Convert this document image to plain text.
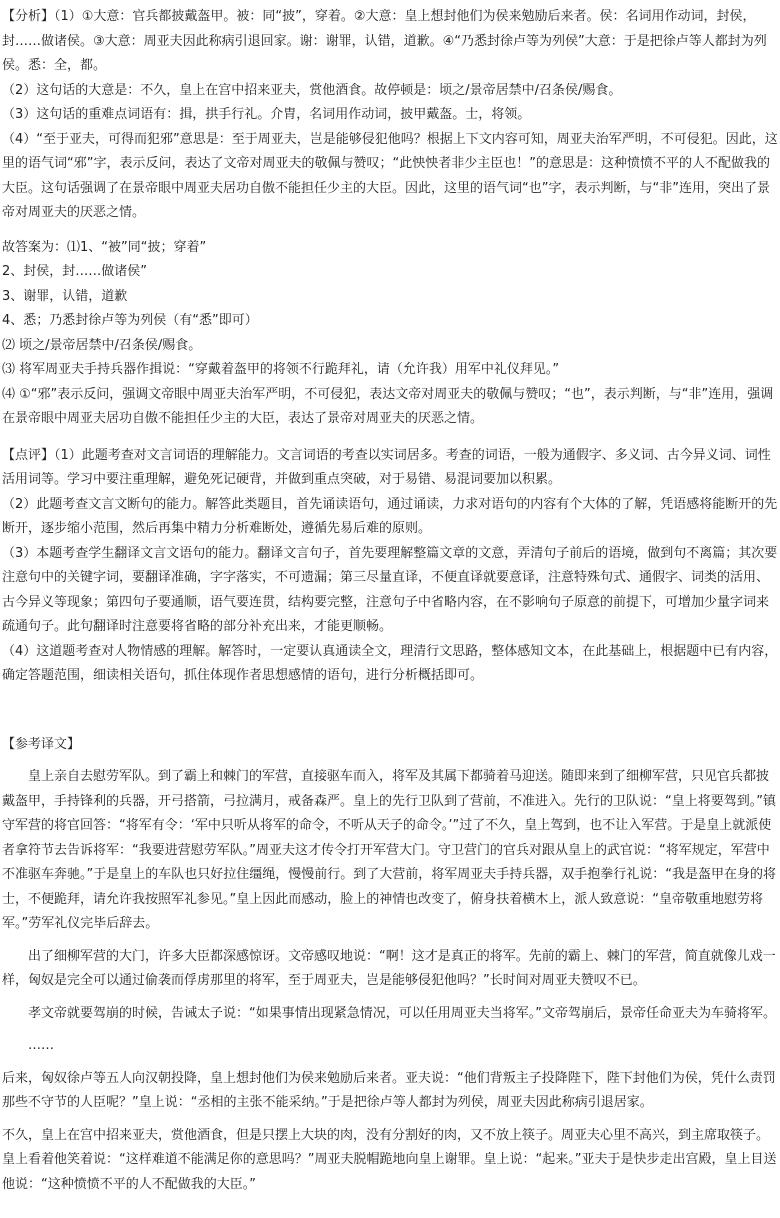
【分析】（1）①大意：官兵都披戴盔甲。被：同“披”，穿着。②大意：皇上想封他们为侯来勉励后来者。侯：名词用作动词，封侯，封……做诸侯。③大意：周亚夫因此称病引退回家。谢：谢罪，认错，道歉。④“乃悉封徐卢等为列侯”大意：于是把徐卢等人都封为列侯。悉：全，都。

（2）这句话的大意是：不久，皇上在宫中招来亚夫，赏他酒食。故停顿是：顷之/景帝居禁中/召条侯/赐食。

（3）这句话的重难点词语有：揖，拱手行礼。介胄，名词用作动词，披甲戴盔。士，将领。

（4）“至于亚夫，可得而犯邪”意思是：至于周亚夫，岂是能够侵犯他吗？根据上下文内容可知，周亚夫治军严明，不可侵犯。因此，这里的语气词“邪”字，表示反问，表达了文帝对周亚夫的敬佩与赞叹；“此怏怏者非少主臣也！”的意思是：这种愤愤不平的人不配做我的大臣。这句话强调了在景帝眼中周亚夫居功自傲不能担任少主的大臣。因此，这里的语气词“也”字，表示判断，与“非”连用，突出了景帝对周亚夫的厌恶之情。

故答案为：⑴1、“被”同“披；穿着”

2、封侯，封……做诸侯”

3、谢罪，认错，道歉

4、悉；乃悉封徐卢等为列侯（有“悉”即可）

⑵ 顷之/景帝居禁中/召条侯/赐食。

⑶ 将军周亚夫手持兵器作揖说：“穿戴着盔甲的将领不行跪拜礼，请（允许我）用军中礼仪拜见。”

⑷ ①“邪”表示反问，强调文帝眼中周亚夫治军严明，不可侵犯，表达文帝对周亚夫的敬佩与赞叹；“也”，表示判断，与“非”连用，强调在景帝眼中周亚夫居功自傲不能担任少主的大臣，表达了景帝对周亚夫的厌恶之情。

【点评】（1）此题考查对文言词语的理解能力。文言词语的考查以实词居多。考查的词语，一般为通假字、多义词、古今异义词、词性活用词等。学习中要注重理解，避免死记硬背，并做到重点突破，对于易错、易混词要加以积累。

（2）此题考查文言文断句的能力。解答此类题目，首先诵读语句，通过诵读，力求对语句的内容有个大体的了解，凭语感将能断开的先断开，逐步缩小范围，然后再集中精力分析难断处，遵循先易后难的原则。

（3）本题考查学生翻译文言文语句的能力。翻译文言句子，首先要理解整篇文章的文意，弄清句子前后的语境，做到句不离篇；其次要注意句中的关键字词，要翻译准确，字字落实，不可遗漏；第三尽量直译，不便直译就要意译，注意特殊句式、通假字、词类的活用、古今异义等现象；第四句子要通顺，语气要连贯，结构要完整，注意句子中省略内容，在不影响句子原意的前提下，可增加少量字词来疏通句子。此句翻译时注意要将省略的部分补充出来，才能更顺畅。

（4）这道题考查对人物情感的理解。解答时，一定要认真通读全文，理清行文思路，整体感知文本，在此基础上，根据题中已有内容，确定答题范围，细读相关语句，抓住体现作者思想感情的语句，进行分析概括即可。

【参考译文】

皇上亲自去慰劳军队。到了霸上和棘门的军营，直接驱车而入，将军及其属下都骑着马迎送。随即来到了细柳军营，只见官兵都披戴盔甲，手持锋利的兵器，开弓搭箭，弓拉满月，戒备森严。皇上的先行卫队到了营前，不准进入。先行的卫队说：“皇上将要驾到。”镇守军营的将官回答：“将军有令：‘军中只听从将军的命令，不听从天子的命令。’”过了不久，皇上驾到，也不让入军营。于是皇上就派使者拿符节去告诉将军：“我要进营慰劳军队。”周亚夫这才传令打开军营大门。守卫营门的官兵对跟从皇上的武官说：“将军规定，军营中不准驱车奔驰。”于是皇上的车队也只好拉住缰绳，慢慢前行。到了大营前，将军周亚夫手持兵器，双手抱拳行礼说：“我是盔甲在身的将士，不便跪拜，请允许我按照军礼参见。”皇上因此而感动，脸上的神情也改变了，俯身扶着横木上，派人致意说：“皇帝敬重地慰劳将军。”劳军礼仪完毕后辞去。

出了细柳军营的大门，许多大臣都深感惊讶。文帝感叹地说：“啊！这才是真正的将军。先前的霸上、棘门的军营，简直就像儿戏一样，匈奴是完全可以通过偷袭而俘虏那里的将军，至于周亚夫，岂是能够侵犯他吗？”长时间对周亚夫赞叹不已。

孝文帝就要驾崩的时候，告诫太子说：“如果事情出现紧急情况，可以任用周亚夫当将军。”文帝驾崩后，景帝任命亚夫为车骑将军。

……

后来，匈奴徐卢等五人向汉朝投降，皇上想封他们为侯来勉励后来者。亚夫说：“他们背叛主子投降陛下，陛下封他们为侯，凭什么责罚那些不守节的人臣呢？”皇上说：“丞相的主张不能采纳。”于是把徐卢等人都封为列侯，周亚夫因此称病引退居家。

不久，皇上在宫中招来亚夫，赏他酒食，但是只摆上大块的肉，没有分割好的肉，又不放上筷子。周亚夫心里不高兴，到主席取筷子。皇上看着他笑着说：“这样难道不能满足你的意思吗？”周亚夫脱帽跪地向皇上谢罪。皇上说：“起来。”亚夫于是快步走出宫殿，皇上目送他说：“这种愤愤不平的人不配做我的大臣。”
